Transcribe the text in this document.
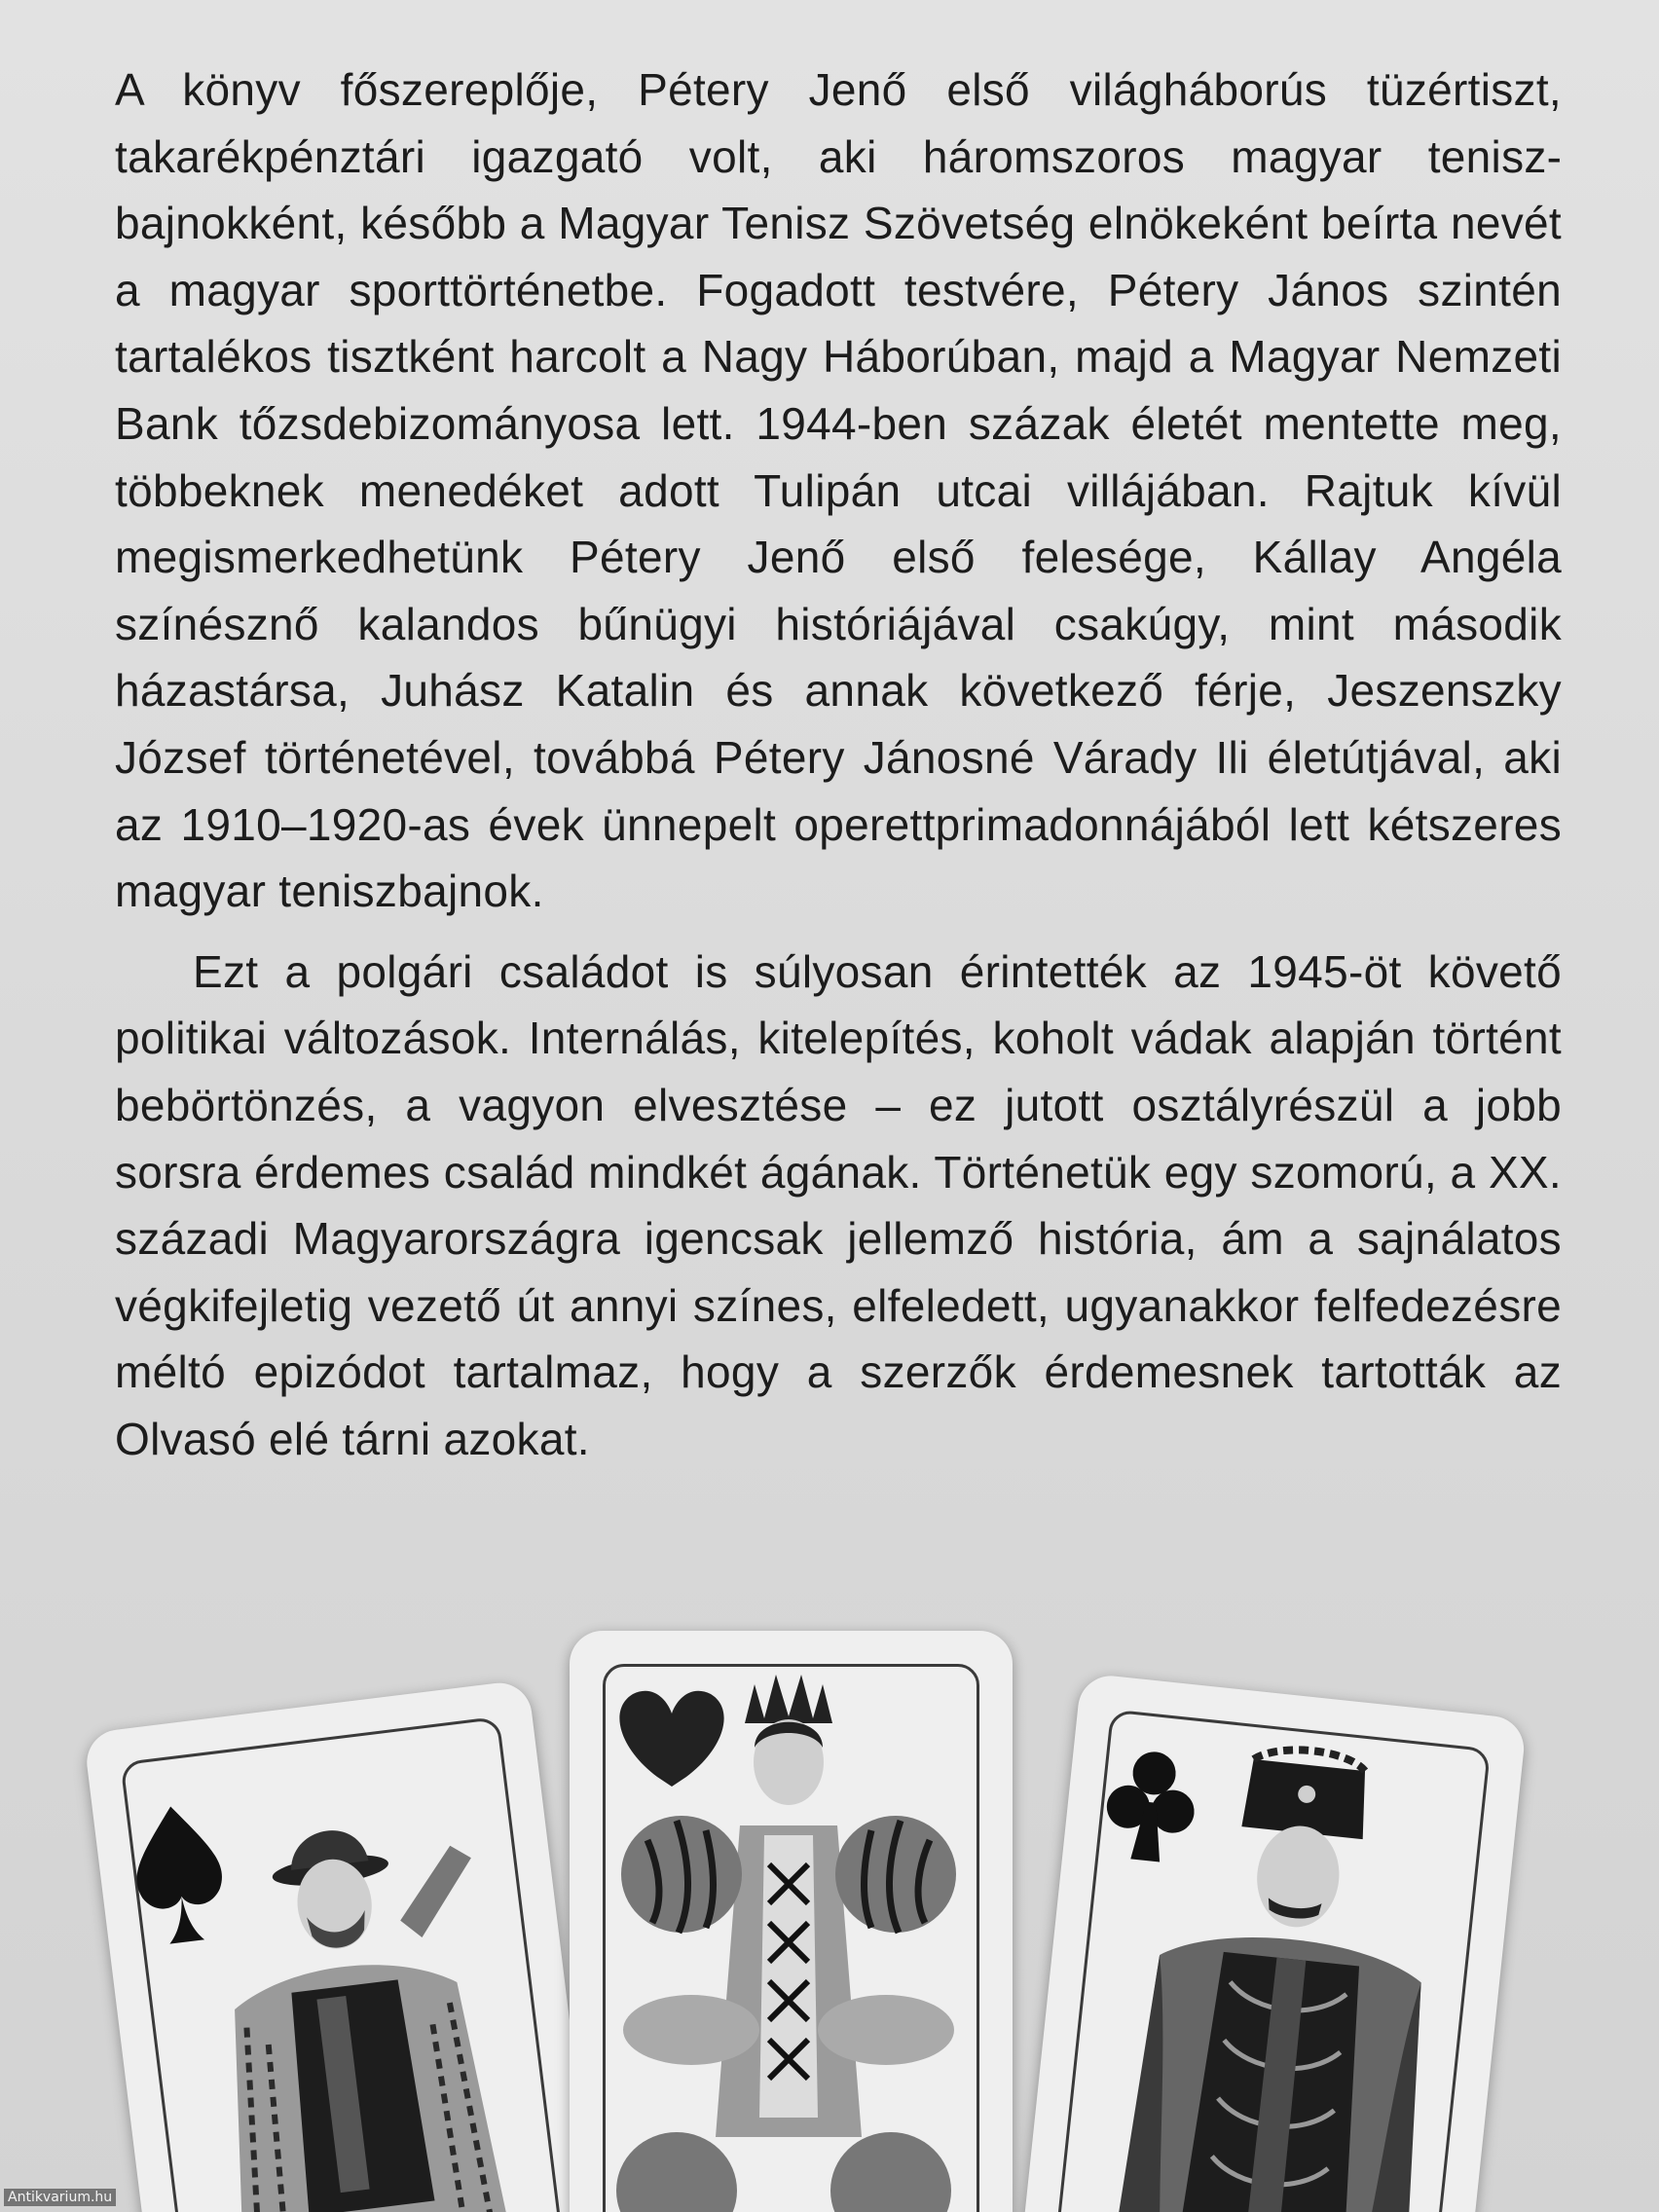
A könyv főszereplője, Pétery Jenő első világháborús tüzértiszt, takarékpénztári igazgató volt, aki háromszoros magyar teniszbajnokként, később a Magyar Tenisz Szövetség elnökeként beírta nevét a magyar sporttörténetbe. Fogadott testvére, Pétery János szintén tartalékos tisztként harcolt a Nagy Háborúban, majd a Magyar Nemzeti Bank tőzsdebizományosa lett. 1944-ben százak életét mentette meg, többeknek menedéket adott Tulipán utcai villájában. Rajtuk kívül megismerkedhetünk Pétery Jenő első felesége, Kállay Angéla színésznő kalandos bűnügyi históriájával csakúgy, mint második házastársa, Juhász Katalin és annak következő férje, Jeszenszky József történetével, továbbá Pétery Jánosné Várady Ili életútjával, aki az 1910–1920-as évek ünnepelt operettprimadonnájából lett kétszeres magyar teniszbajnok.

Ezt a polgári családot is súlyosan érintették az 1945-öt követő politikai változások. Internálás, kitelepítés, koholt vádak alapján történt bebörtönzés, a vagyon elvesztése – ez jutott osztályrészül a jobb sorsra érdemes család mindkét ágának. Történetük egy szomorú, a XX. századi Magyarországra igencsak jellemző história, ám a sajnálatos végkifejletig vezető út annyi színes, elfeledett, ugyanakkor felfedezésre méltó epizódot tartalmaz, hogy a szerzők érdemesnek tartották az Olvasó elé tárni azokat.

Antikvarium.hu
